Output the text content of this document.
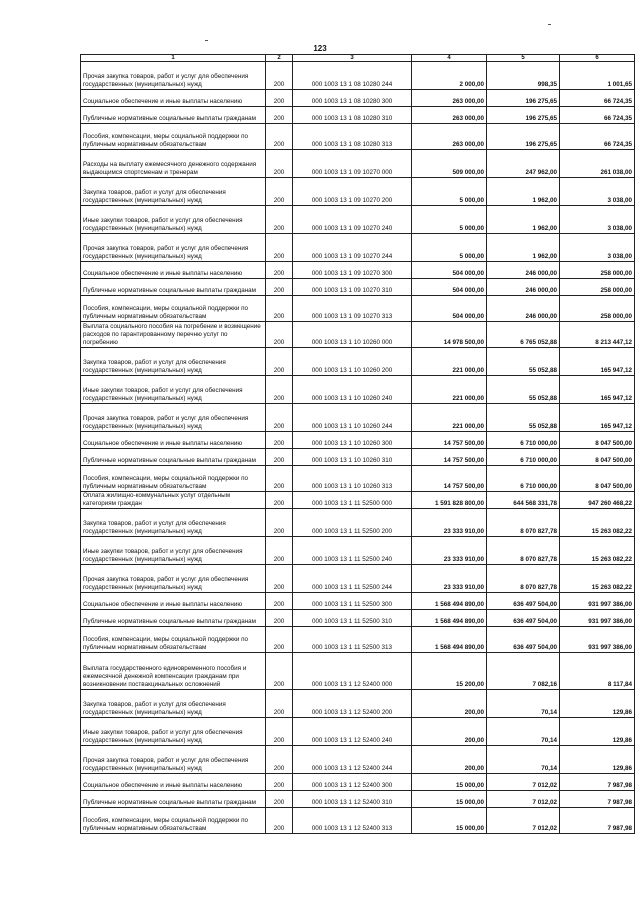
123
1	2	3	4	5	6
Прочая закупка товаров, работ и услуг для обеспечения государственных (муниципальных) нужд	200	000 1003 13 1 08 10280 244	2 000,00	998,35	1 001,65
Социальное обеспечение и иные выплаты населению	200	000 1003 13 1 08 10280 300	263 000,00	196 275,65	66 724,35
Публичные нормативные социальные выплаты гражданам	200	000 1003 13 1 08 10280 310	263 000,00	196 275,65	66 724,35
Пособия, компенсации, меры социальной поддержки по публичным нормативным обязательствам	200	000 1003 13 1 08 10280 313	263 000,00	196 275,65	66 724,35
Расходы на выплату ежемесячного денежного содержания выдающимся спортсменам и тренерам	200	000 1003 13 1 09 10270 000	509 000,00	247 962,00	261 038,00
Закупка товаров, работ и услуг для обеспечения государственных (муниципальных) нужд	200	000 1003 13 1 09 10270 200	5 000,00	1 962,00	3 038,00
Иные закупки товаров, работ и услуг для обеспечения государственных (муниципальных) нужд	200	000 1003 13 1 09 10270 240	5 000,00	1 962,00	3 038,00
Прочая закупка товаров, работ и услуг для обеспечения государственных (муниципальных) нужд	200	000 1003 13 1 09 10270 244	5 000,00	1 962,00	3 038,00
Социальное обеспечение и иные выплаты населению	200	000 1003 13 1 09 10270 300	504 000,00	246 000,00	258 000,00
Публичные нормативные социальные выплаты гражданам	200	000 1003 13 1 09 10270 310	504 000,00	246 000,00	258 000,00
Пособия, компенсации, меры социальной поддержки по публичным нормативным обязательствам	200	000 1003 13 1 09 10270 313	504 000,00	246 000,00	258 000,00
Выплата социального пособия на погребение и возмещение расходов по гарантированному перечню услуг по погребению	200	000 1003 13 1 10 10260 000	14 978 500,00	6 765 052,88	8 213 447,12
Закупка товаров, работ и услуг для обеспечения государственных (муниципальных) нужд	200	000 1003 13 1 10 10260 200	221 000,00	55 052,88	165 947,12
Иные закупки товаров, работ и услуг для обеспечения государственных (муниципальных) нужд	200	000 1003 13 1 10 10260 240	221 000,00	55 052,88	165 947,12
Прочая закупка товаров, работ и услуг для обеспечения государственных (муниципальных) нужд	200	000 1003 13 1 10 10260 244	221 000,00	55 052,88	165 947,12
Социальное обеспечение и иные выплаты населению	200	000 1003 13 1 10 10260 300	14 757 500,00	6 710 000,00	8 047 500,00
Публичные нормативные социальные выплаты гражданам	200	000 1003 13 1 10 10260 310	14 757 500,00	6 710 000,00	8 047 500,00
Пособия, компенсации, меры социальной поддержки по публичным нормативным обязательствам	200	000 1003 13 1 10 10260 313	14 757 500,00	6 710 000,00	8 047 500,00
Оплата жилищно-коммунальных услуг отдельным категориям граждан	200	000 1003 13 1 11 52500 000	1 591 828 800,00	644 568 331,78	947 260 468,22
Закупка товаров, работ и услуг для обеспечения государственных (муниципальных) нужд	200	000 1003 13 1 11 52500 200	23 333 910,00	8 070 827,78	15 263 082,22
Иные закупки товаров, работ и услуг для обеспечения государственных (муниципальных) нужд	200	000 1003 13 1 11 52500 240	23 333 910,00	8 070 827,78	15 263 082,22
Прочая закупка товаров, работ и услуг для обеспечения государственных (муниципальных) нужд	200	000 1003 13 1 11 52500 244	23 333 910,00	8 070 827,78	15 263 082,22
Социальное обеспечение и иные выплаты населению	200	000 1003 13 1 11 52500 300	1 568 494 890,00	636 497 504,00	931 997 386,00
Публичные нормативные социальные выплаты гражданам	200	000 1003 13 1 11 52500 310	1 568 494 890,00	636 497 504,00	931 997 386,00
Пособия, компенсации, меры социальной поддержки по публичным нормативным обязательствам	200	000 1003 13 1 11 52500 313	1 568 494 890,00	636 497 504,00	931 997 386,00
Выплата государственного единовременного пособия и ежемесячной денежной компенсации гражданам при возникновении поствакцинальных осложнений	200	000 1003 13 1 12 52400 000	15 200,00	7 082,16	8 117,84
Закупка товаров, работ и услуг для обеспечения государственных (муниципальных) нужд	200	000 1003 13 1 12 52400 200	200,00	70,14	129,86
Иные закупки товаров, работ и услуг для обеспечения государственных (муниципальных) нужд	200	000 1003 13 1 12 52400 240	200,00	70,14	129,86
Прочая закупка товаров, работ и услуг для обеспечения государственных (муниципальных) нужд	200	000 1003 13 1 12 52400 244	200,00	70,14	129,86
Социальное обеспечение и иные выплаты населению	200	000 1003 13 1 12 52400 300	15 000,00	7 012,02	7 987,98
Публичные нормативные социальные выплаты гражданам	200	000 1003 13 1 12 52400 310	15 000,00	7 012,02	7 987,98
Пособия, компенсации, меры социальной поддержки по публичным нормативным обязательствам	200	000 1003 13 1 12 52400 313	15 000,00	7 012,02	7 987,98
